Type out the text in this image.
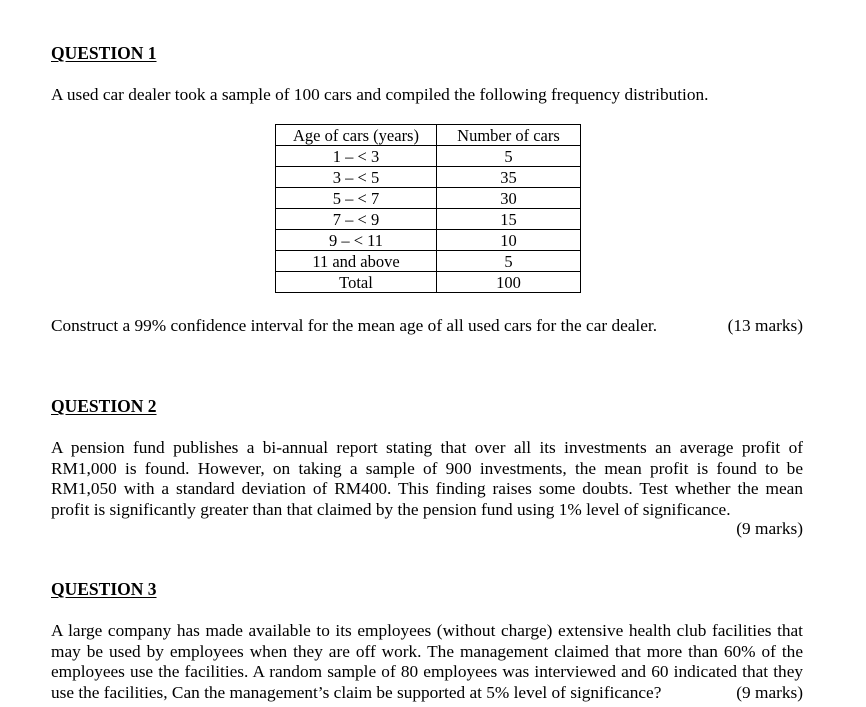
QUESTION 1

A used car dealer took a sample of 100 cars and compiled the following frequency distribution.

Age of cars (years)	Number of cars
1 – < 3	5
3 – < 5	35
5 – < 7	30
7 – < 9	15
9 – < 11	10
11 and above	5
Total	100

Construct a 99% confidence interval for the mean age of all used cars for the car dealer.	(13 marks)

QUESTION 2

A pension fund publishes a bi-annual report stating that over all its investments an average profit of RM1,000 is found. However, on taking a sample of 900 investments, the mean profit is found to be RM1,050 with a standard deviation of RM400. This finding raises some doubts. Test whether the mean profit is significantly greater than that claimed by the pension fund using 1% level of significance.

(9 marks)
QUESTION 3

A large company has made available to its employees (without charge) extensive health club facilities that may be used by employees when they are off work. The management claimed that more than 60% of the employees use the facilities. A random sample of 80 employees was interviewed and 60 indicated that they use the facilities, Can the management’s claim be supported at 5% level of significance?	(9 marks)
